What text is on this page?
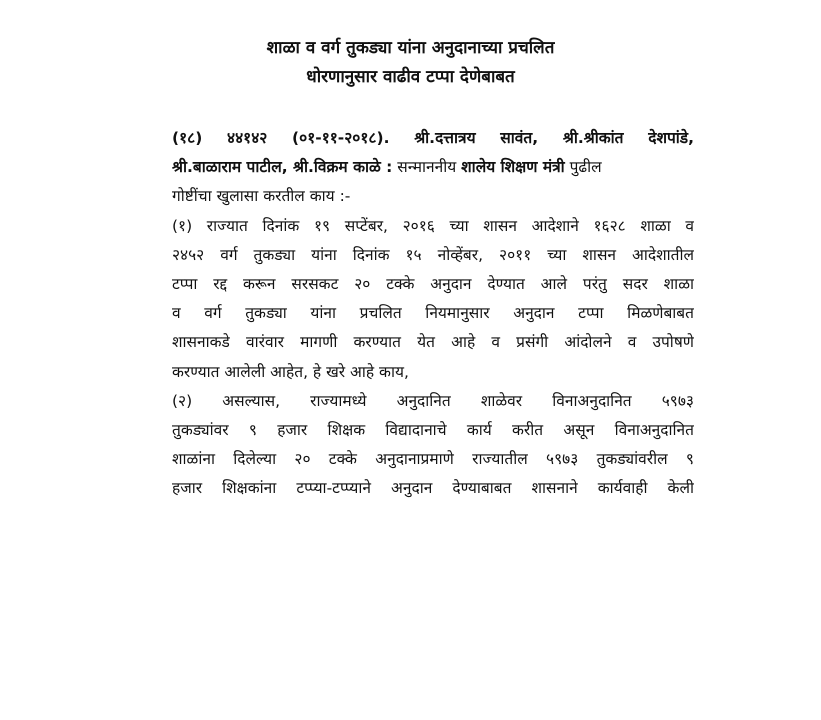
शाळा व वर्ग तुकड्या यांना अनुदानाच्या प्रचलित
धोरणानुसार वाढीव टप्पा देणेबाबत
(१८) ४४१४२ (०१-११-२०१८). श्री.दत्तात्रय सावंत, श्री.श्रीकांत देशपांडे,
श्री.बाळाराम पाटील, श्री.विक्रम काळे : सन्माननीय शालेय शिक्षण मंत्री पुढील
गोष्टींचा खुलासा करतील काय :-
(१) राज्यात दिनांक १९ सप्टेंबर, २०१६ च्या शासन आदेशाने १६२८ शाळा व
२४५२ वर्ग तुकड्या यांना दिनांक १५ नोव्हेंबर, २०११ च्या शासन आदेशातील
टप्पा रद्द करून सरसकट २० टक्के अनुदान देण्यात आले परंतु सदर शाळा
व वर्ग तुकड्या यांना प्रचलित नियमानुसार अनुदान टप्पा मिळणेबाबत
शासनाकडे वारंवार मागणी करण्यात येत आहे व प्रसंगी आंदोलने व उपोषणे
करण्यात आलेली आहेत, हे खरे आहे काय,
(२) असल्यास, राज्यामध्ये अनुदानित शाळेवर विनाअनुदानित ५९७३
तुकड्यांवर ९ हजार शिक्षक विद्यादानाचे कार्य करीत असून विनाअनुदानित
शाळांना दिलेल्या २० टक्के अनुदानाप्रमाणे राज्यातील ५९७३ तुकड्यांवरील ९
हजार शिक्षकांना टप्प्या-टप्प्याने अनुदान देण्याबाबत शासनाने कार्यवाही केली
